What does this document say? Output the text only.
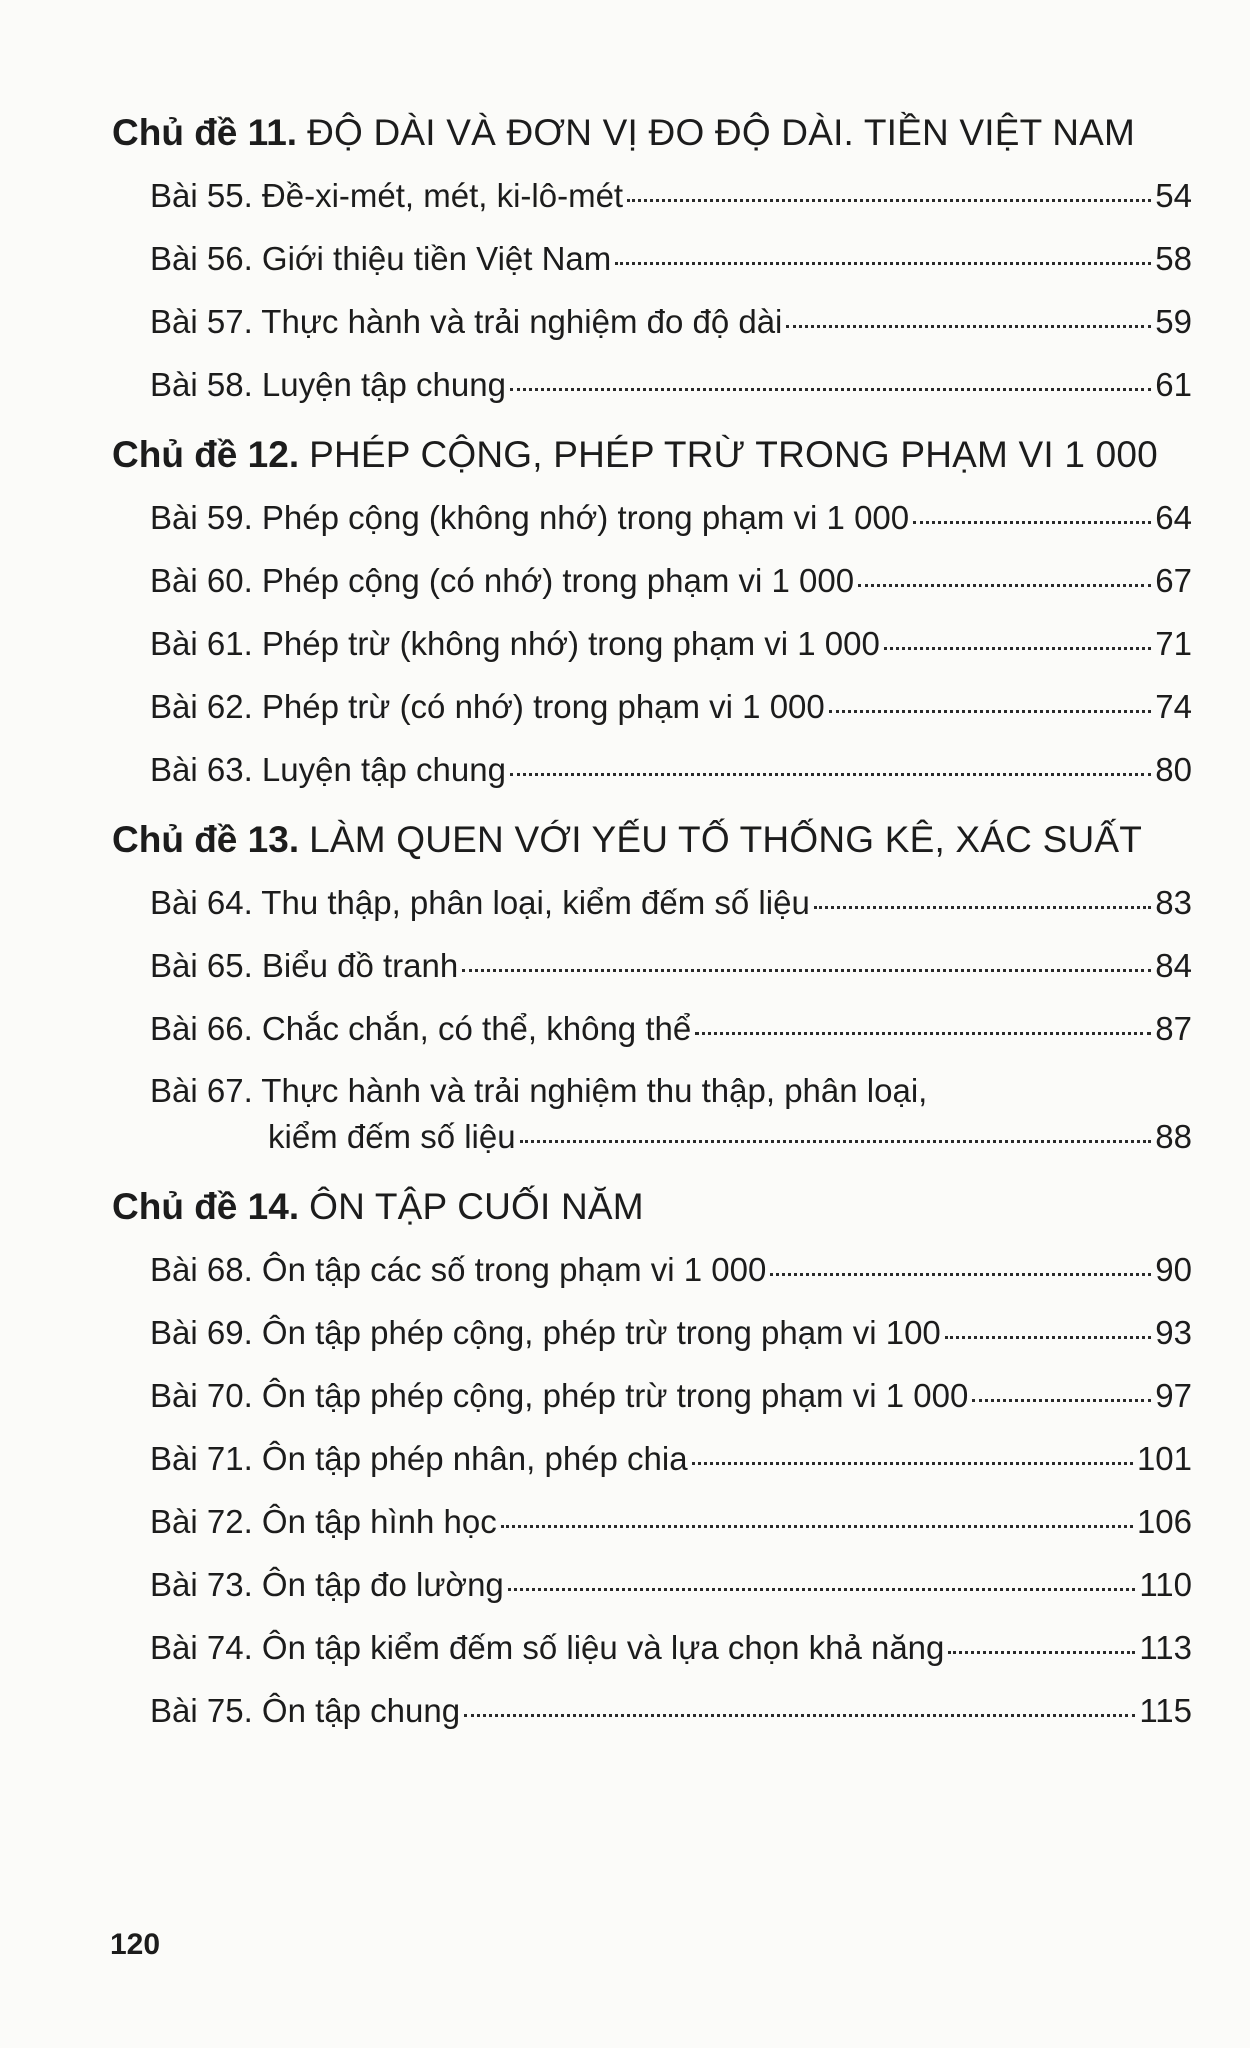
Chủ đề 11. ĐỘ DÀI VÀ ĐƠN VỊ ĐO ĐỘ DÀI. TIỀN VIỆT NAM
Bài 55. Đề-xi-mét, mét, ki-lô-mét	54
Bài 56. Giới thiệu tiền Việt Nam	58
Bài 57. Thực hành và trải nghiệm đo độ dài	59
Bài 58. Luyện tập chung	61
Chủ đề 12. PHÉP CỘNG, PHÉP TRỪ TRONG PHẠM VI 1 000
Bài 59. Phép cộng (không nhớ) trong phạm vi 1 000	64
Bài 60. Phép cộng (có nhớ) trong phạm vi 1 000	67
Bài 61. Phép trừ (không nhớ) trong phạm vi 1 000	71
Bài 62. Phép trừ (có nhớ) trong phạm vi 1 000	74
Bài 63. Luyện tập chung	80
Chủ đề 13. LÀM QUEN VỚI YẾU TỐ THỐNG KÊ, XÁC SUẤT
Bài 64. Thu thập, phân loại, kiểm đếm số liệu	83
Bài 65. Biểu đồ tranh	84
Bài 66. Chắc chắn, có thể, không thể	87
Bài 67. Thực hành và trải nghiệm thu thập, phân loại,
kiểm đếm số liệu	88
Chủ đề 14. ÔN TẬP CUỐI NĂM
Bài 68. Ôn tập các số trong phạm vi 1 000	90
Bài 69. Ôn tập phép cộng, phép trừ trong phạm vi 100	93
Bài 70. Ôn tập phép cộng, phép trừ trong phạm vi 1 000	97
Bài 71. Ôn tập phép nhân, phép chia	101
Bài 72. Ôn tập hình học	106
Bài 73. Ôn tập đo lường	110
Bài 74. Ôn tập kiểm đếm số liệu và lựa chọn khả năng	113
Bài 75. Ôn tập chung	115
120
